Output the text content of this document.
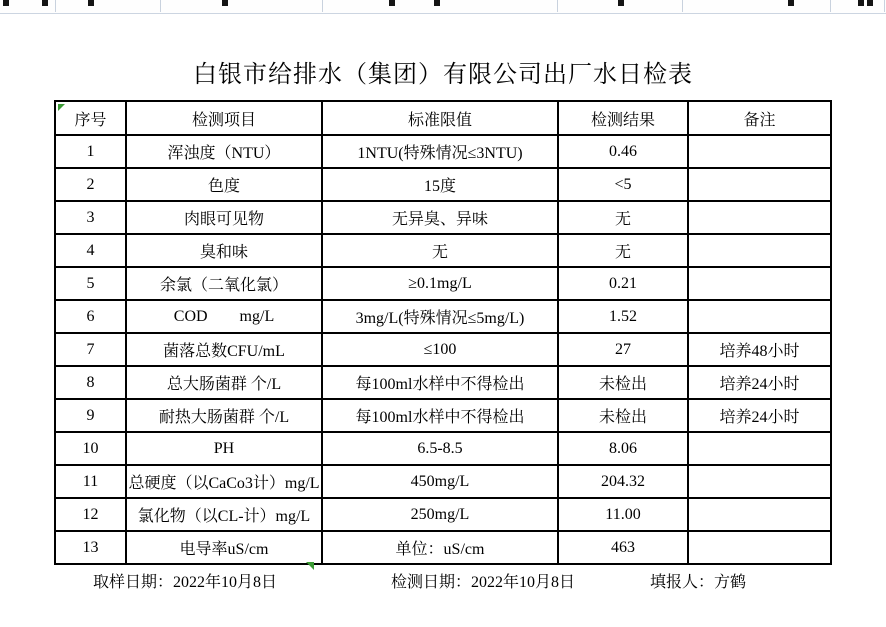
白银市给排水（集团）有限公司出厂水日检表
序号	检测项目	标准限值	检测结果	备注
1	浑浊度（NTU）	1NTU(特殊情况≤3NTU)	0.46	
2	色度	15度	<5	
3	肉眼可见物	无异臭、异味	无	
4	臭和味	无	无	
5	余氯（二氧化氯）	≥0.1mg/L	0.21	
6	COD        mg/L	3mg/L(特殊情况≤5mg/L)	1.52	
7	菌落总数CFU/mL	≤100	27	培养48小时
8	总大肠菌群 个/L	每100ml水样中不得检出	未检出	培养24小时
9	耐热大肠菌群 个/L	每100ml水样中不得检出	未检出	培养24小时
10	PH	6.5-8.5	8.06	
11	总硬度（以CaCo3计）mg/L	450mg/L	204.32	
12	氯化物（以CL-计）mg/L	250mg/L	11.00	
13	电导率uS/cm	单位：uS/cm	463	
取样日期：2022年10月8日	检测日期：2022年10月8日	填报人：方鹤
